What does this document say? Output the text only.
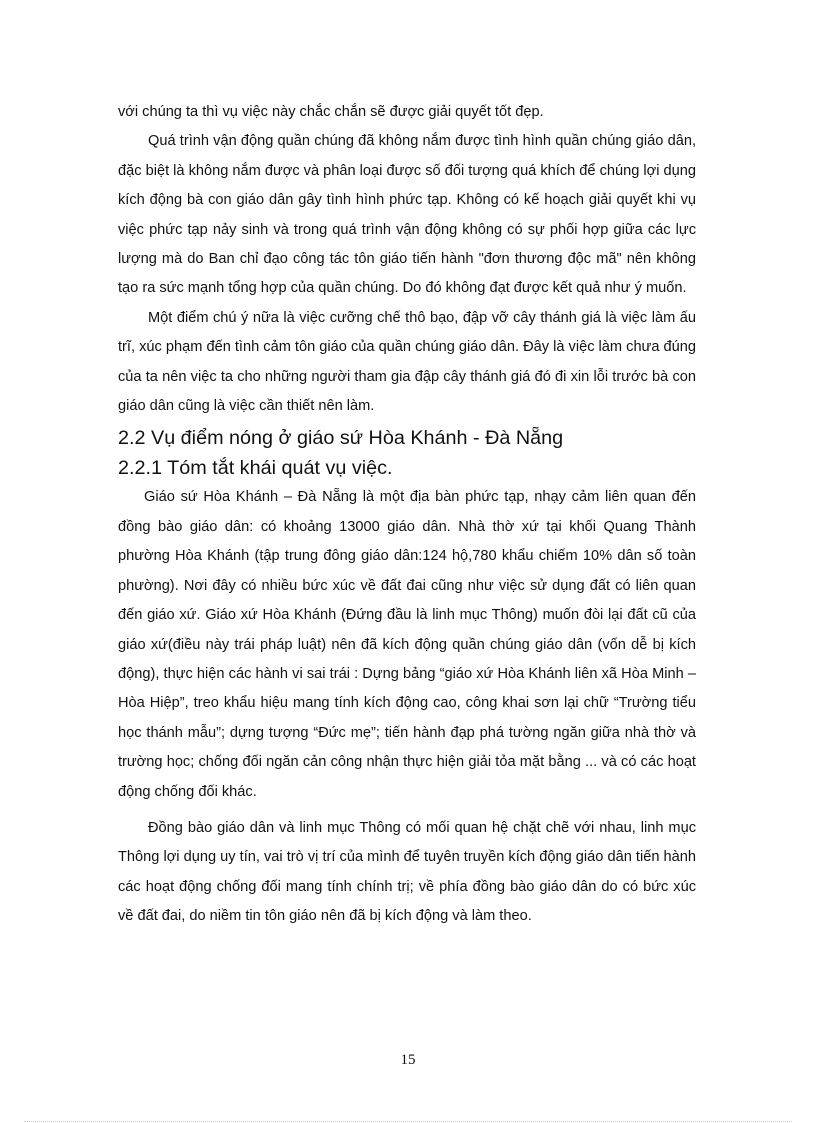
với chúng ta thì vụ việc này chắc chắn sẽ được giải quyết tốt đẹp.

Quá trình vận động quần chúng đã không nắm được tình hình quần chúng giáo dân, đặc biệt là không nắm được và phân loại được số đối tượng quá khích để chúng lợi dụng kích động bà con giáo dân gây tình hình phức tạp. Không có kế hoạch giải quyết khi vụ việc phức tạp nảy sinh và trong quá trình vận động không có sự phối hợp giữa các lực lượng mà do Ban chỉ đạo công tác tôn giáo tiến hành "đơn thương độc mã" nên không tạo ra sức mạnh tổng hợp của quần chúng. Do đó không đạt được kết quả như ý muốn.

Một điểm chú ý nữa là việc cưỡng chế thô bạo, đập vỡ cây thánh giá là việc làm ấu trĩ, xúc phạm đến tình cảm tôn giáo của quần chúng giáo dân. Đây là việc làm chưa đúng của ta nên việc ta cho những người tham gia đập cây thánh giá đó đi xin lỗi trước bà con giáo dân cũng là việc cần thiết nên làm.

2.2 Vụ điểm nóng ở giáo sứ Hòa Khánh - Đà Nẵng
2.2.1 Tóm tắt khái quát vụ việc.

Giáo sứ Hòa Khánh – Đà Nẵng là một địa bàn phức tạp, nhạy cảm liên quan đến đồng bào giáo dân: có khoảng 13000 giáo dân. Nhà thờ xứ tại khối Quang Thành phường Hòa Khánh (tập trung đông giáo dân:124 hộ,780 khẩu chiếm 10% dân số toàn phường). Nơi đây có nhiều bức xúc về đất đai cũng như việc sử dụng đất có liên quan đến giáo xứ. Giáo xứ Hòa Khánh (Đứng đầu là linh mục Thông) muốn đòi lại đất cũ của giáo xứ(điều này trái pháp luật) nên đã kích động quần chúng giáo dân (vốn dễ bị kích động), thực hiện các hành vi sai trái : Dựng bảng “giáo xứ Hòa Khánh liên xã Hòa Minh – Hòa Hiệp”, treo khẩu hiệu mang tính kích động cao, công khai sơn lại chữ “Trường tiểu học thánh mẫu”; dựng tượng “Đức mẹ”; tiến hành đạp phá tường ngăn giữa nhà thờ và trường học; chống đối ngăn cản công nhận thực hiện giải tỏa mặt bằng ... và có các hoạt động chống đối khác.

Đồng bào giáo dân và linh mục Thông có mối quan hệ chặt chẽ với nhau, linh mục Thông lợi dụng uy tín, vai trò vị trí của mình để tuyên truyền kích động giáo dân tiến hành các hoạt động chống đối mang tính chính trị; về phía đồng bào giáo dân do có bức xúc về đất đai, do niềm tin tôn giáo nên đã bị kích động và làm theo.

15
